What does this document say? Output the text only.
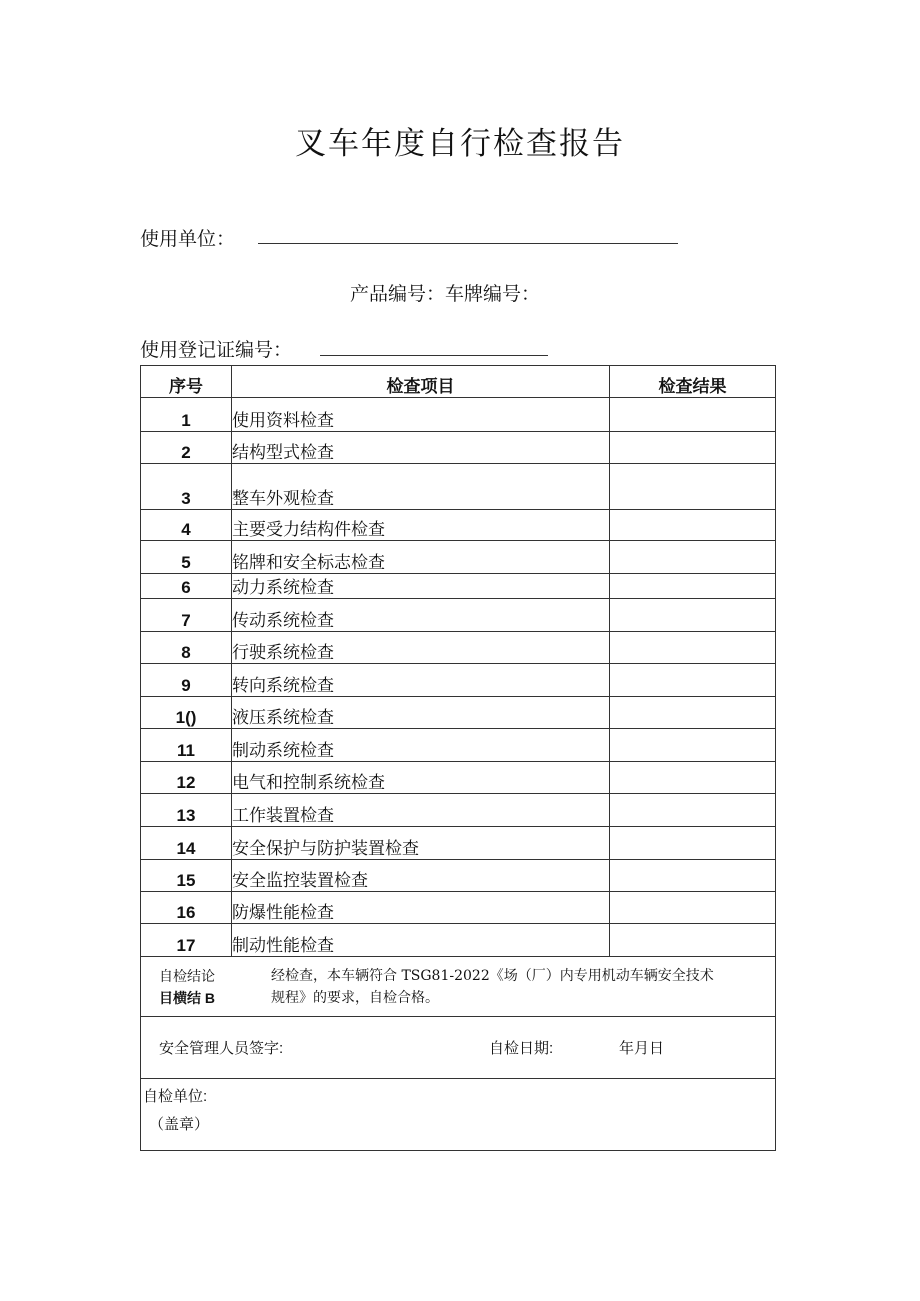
叉车年度自行检查报告
使用单位：
产品编号：车牌编号：
使用登记证编号：
序号	检查项目	检查结果
1	使用资料检查	
2	结构型式检查	
3	整车外观检查	
4	主要受力结构件检查	
5	铭牌和安全标志检查	
6	动力系统检查	
7	传动系统检查	
8	行驶系统检查	
9	转向系统检查	
1()	液压系统检查	
11	制动系统检查	
12	电气和控制系统检查	
13	工作装置检查	
14	安全保护与防护装置检查	
15	安全监控装置检查	
16	防爆性能检查	
17	制动性能检查	

自检结论
目横结 B
经检查，本车辆符合 TSG81-2022《场（厂）内专用机动车辆安全技术
规程》的要求，自检合格。		

安全管理人员签字: 自检日期: 年月日		

自检单位:
（盖章）		
